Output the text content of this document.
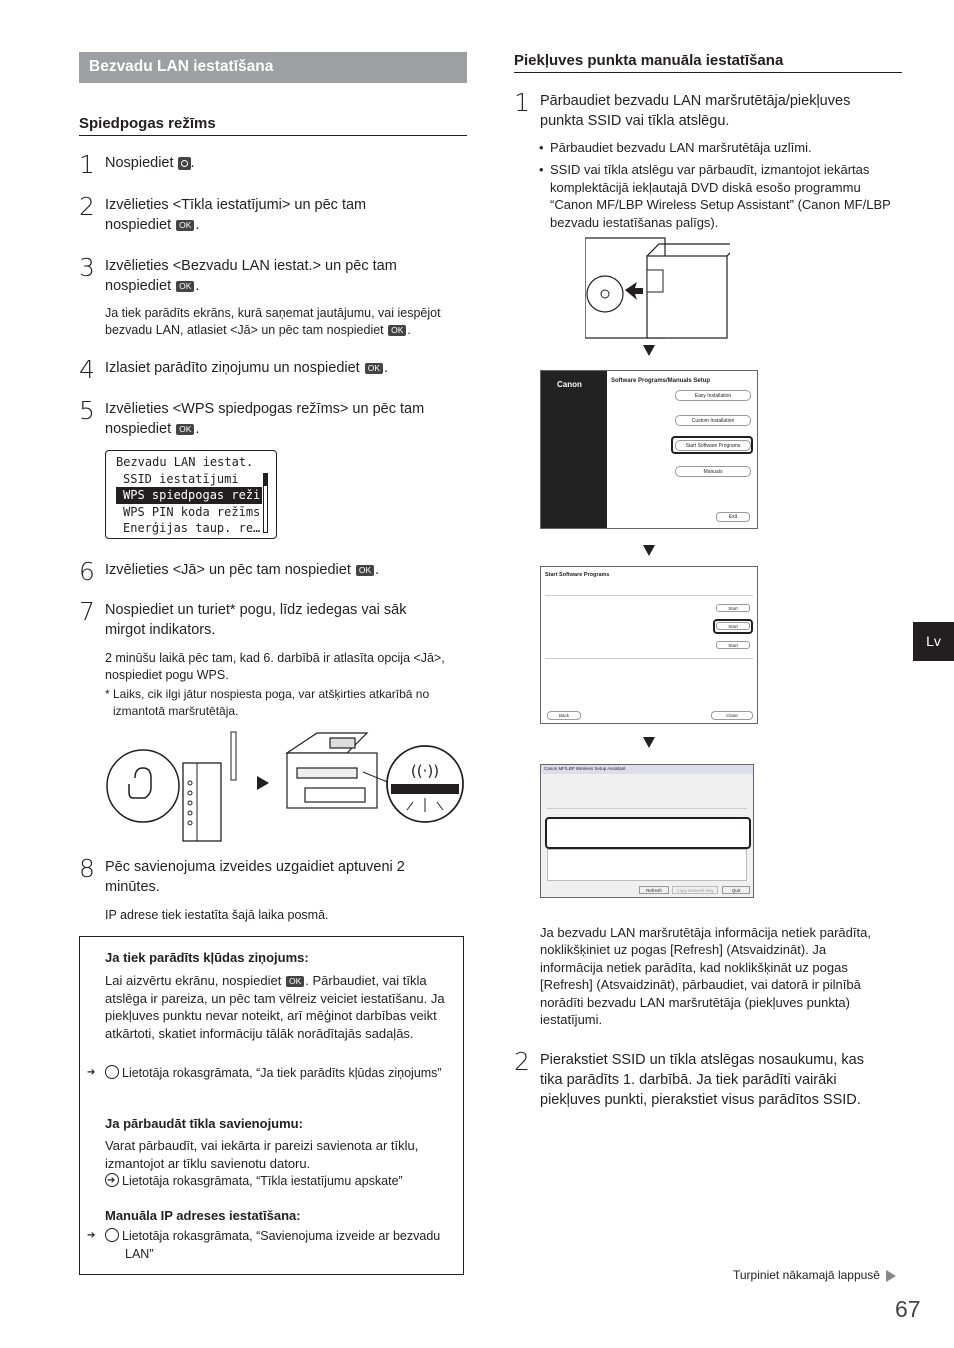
Bezvadu LAN iestatīšana
Spiedpogas režīms
1 Nospiediet .
2 Izvēlieties <Tīkla iestatījumi> un pēc tam nospiediet OK .
3 Izvēlieties <Bezvadu LAN iestat.> un pēc tam nospiediet OK .
Ja tiek parādīts ekrāns, kurā saņemat jautājumu, vai iespējot bezvadu LAN, atlasiet <Jā> un pēc tam nospiediet OK .
4 Izlasiet parādīto ziņojumu un nospiediet OK .
5 Izvēlieties <WPS spiedpogas režīms> un pēc tam nospiediet OK .
Bezvadu LAN iestat.
SSID iestatījumi
WPS spiedpogas reži
WPS PIN koda režīms
Enerģijas taup. re…
6 Izvēlieties <Jā> un pēc tam nospiediet OK .
7 Nospiediet un turiet* pogu, līdz iedegas vai sāk mirgot indikators.
2 minūšu laikā pēc tam, kad 6. darbībā ir atlasīta opcija <Jā>, nospiediet pogu WPS.
* Laiks, cik ilgi jātur nospiesta poga, var atšķirties atkarībā no izmantotā maršrutētāja.
((·))
8 Pēc savienojuma izveides uzgaidiet aptuveni 2 minūtes.
IP adrese tiek iestatīta šajā laika posmā.
Ja tiek parādīts kļūdas ziņojums:
Lai aizvērtu ekrānu, nospiediet OK . Pārbaudiet, vai tīkla atslēga ir pareiza, un pēc tam vēlreiz veiciet iestatīšanu. Ja piekļuves punktu nevar noteikt, arī mēģinot darbības veikt atkārtoti, skatiet informāciju tālāk norādītajās sadaļās.
➔Lietotāja rokasgrāmata, “Ja tiek parādīts kļūdas ziņojums”
Ja pārbaudāt tīkla savienojumu:
Varat pārbaudīt, vai iekārta ir pareizi savienota ar tīklu, izmantojot ar tīklu savienotu datoru.
➔Lietotāja rokasgrāmata, “Tīkla iestatījumu apskate”
Manuāla IP adreses iestatīšana:
➔Lietotāja rokasgrāmata, “Savienojuma izveide ar bezvadu LAN”
Piekļuves punkta manuāla iestatīšana
1 Pārbaudiet bezvadu LAN maršrutētāja/piekļuves punkta SSID vai tīkla atslēgu.
• Pārbaudiet bezvadu LAN maršrutētāja uzlīmi.
• SSID vai tīkla atslēgu var pārbaudīt, izmantojot iekārtas komplektācijā iekļautajā DVD diskā esošo programmu “Canon MF/LBP Wireless Setup Assistant” (Canon MF/LBP bezvadu iestatīšanas palīgs).
Canon	Software Programs/Manuals Setup
Easy Installation
Custom Installation
Start Software Programs
Manuals
Exit
Start Software Programs
Start
Start
Start
Back	Close
Canon MF/LBP Wireless Setup Assistant
Refresh	Copy Network Key	Quit
Ja bezvadu LAN maršrutētāja informācija netiek parādīta, noklikšķiniet uz pogas [Refresh] (Atsvaidzināt). Ja informācija netiek parādīta, kad noklikšķināt uz pogas [Refresh] (Atsvaidzināt), pārbaudiet, vai datorā ir pilnībā norādīti bezvadu LAN maršrutētāja (piekļuves punkta) iestatījumi.
2 Pierakstiet SSID un tīkla atslēgas nosaukumu, kas tika parādīts 1. darbībā. Ja tiek parādīti vairāki piekļuves punkti, pierakstiet visus parādītos SSID.
Lv
Turpiniet nākamajā lappusē
67
